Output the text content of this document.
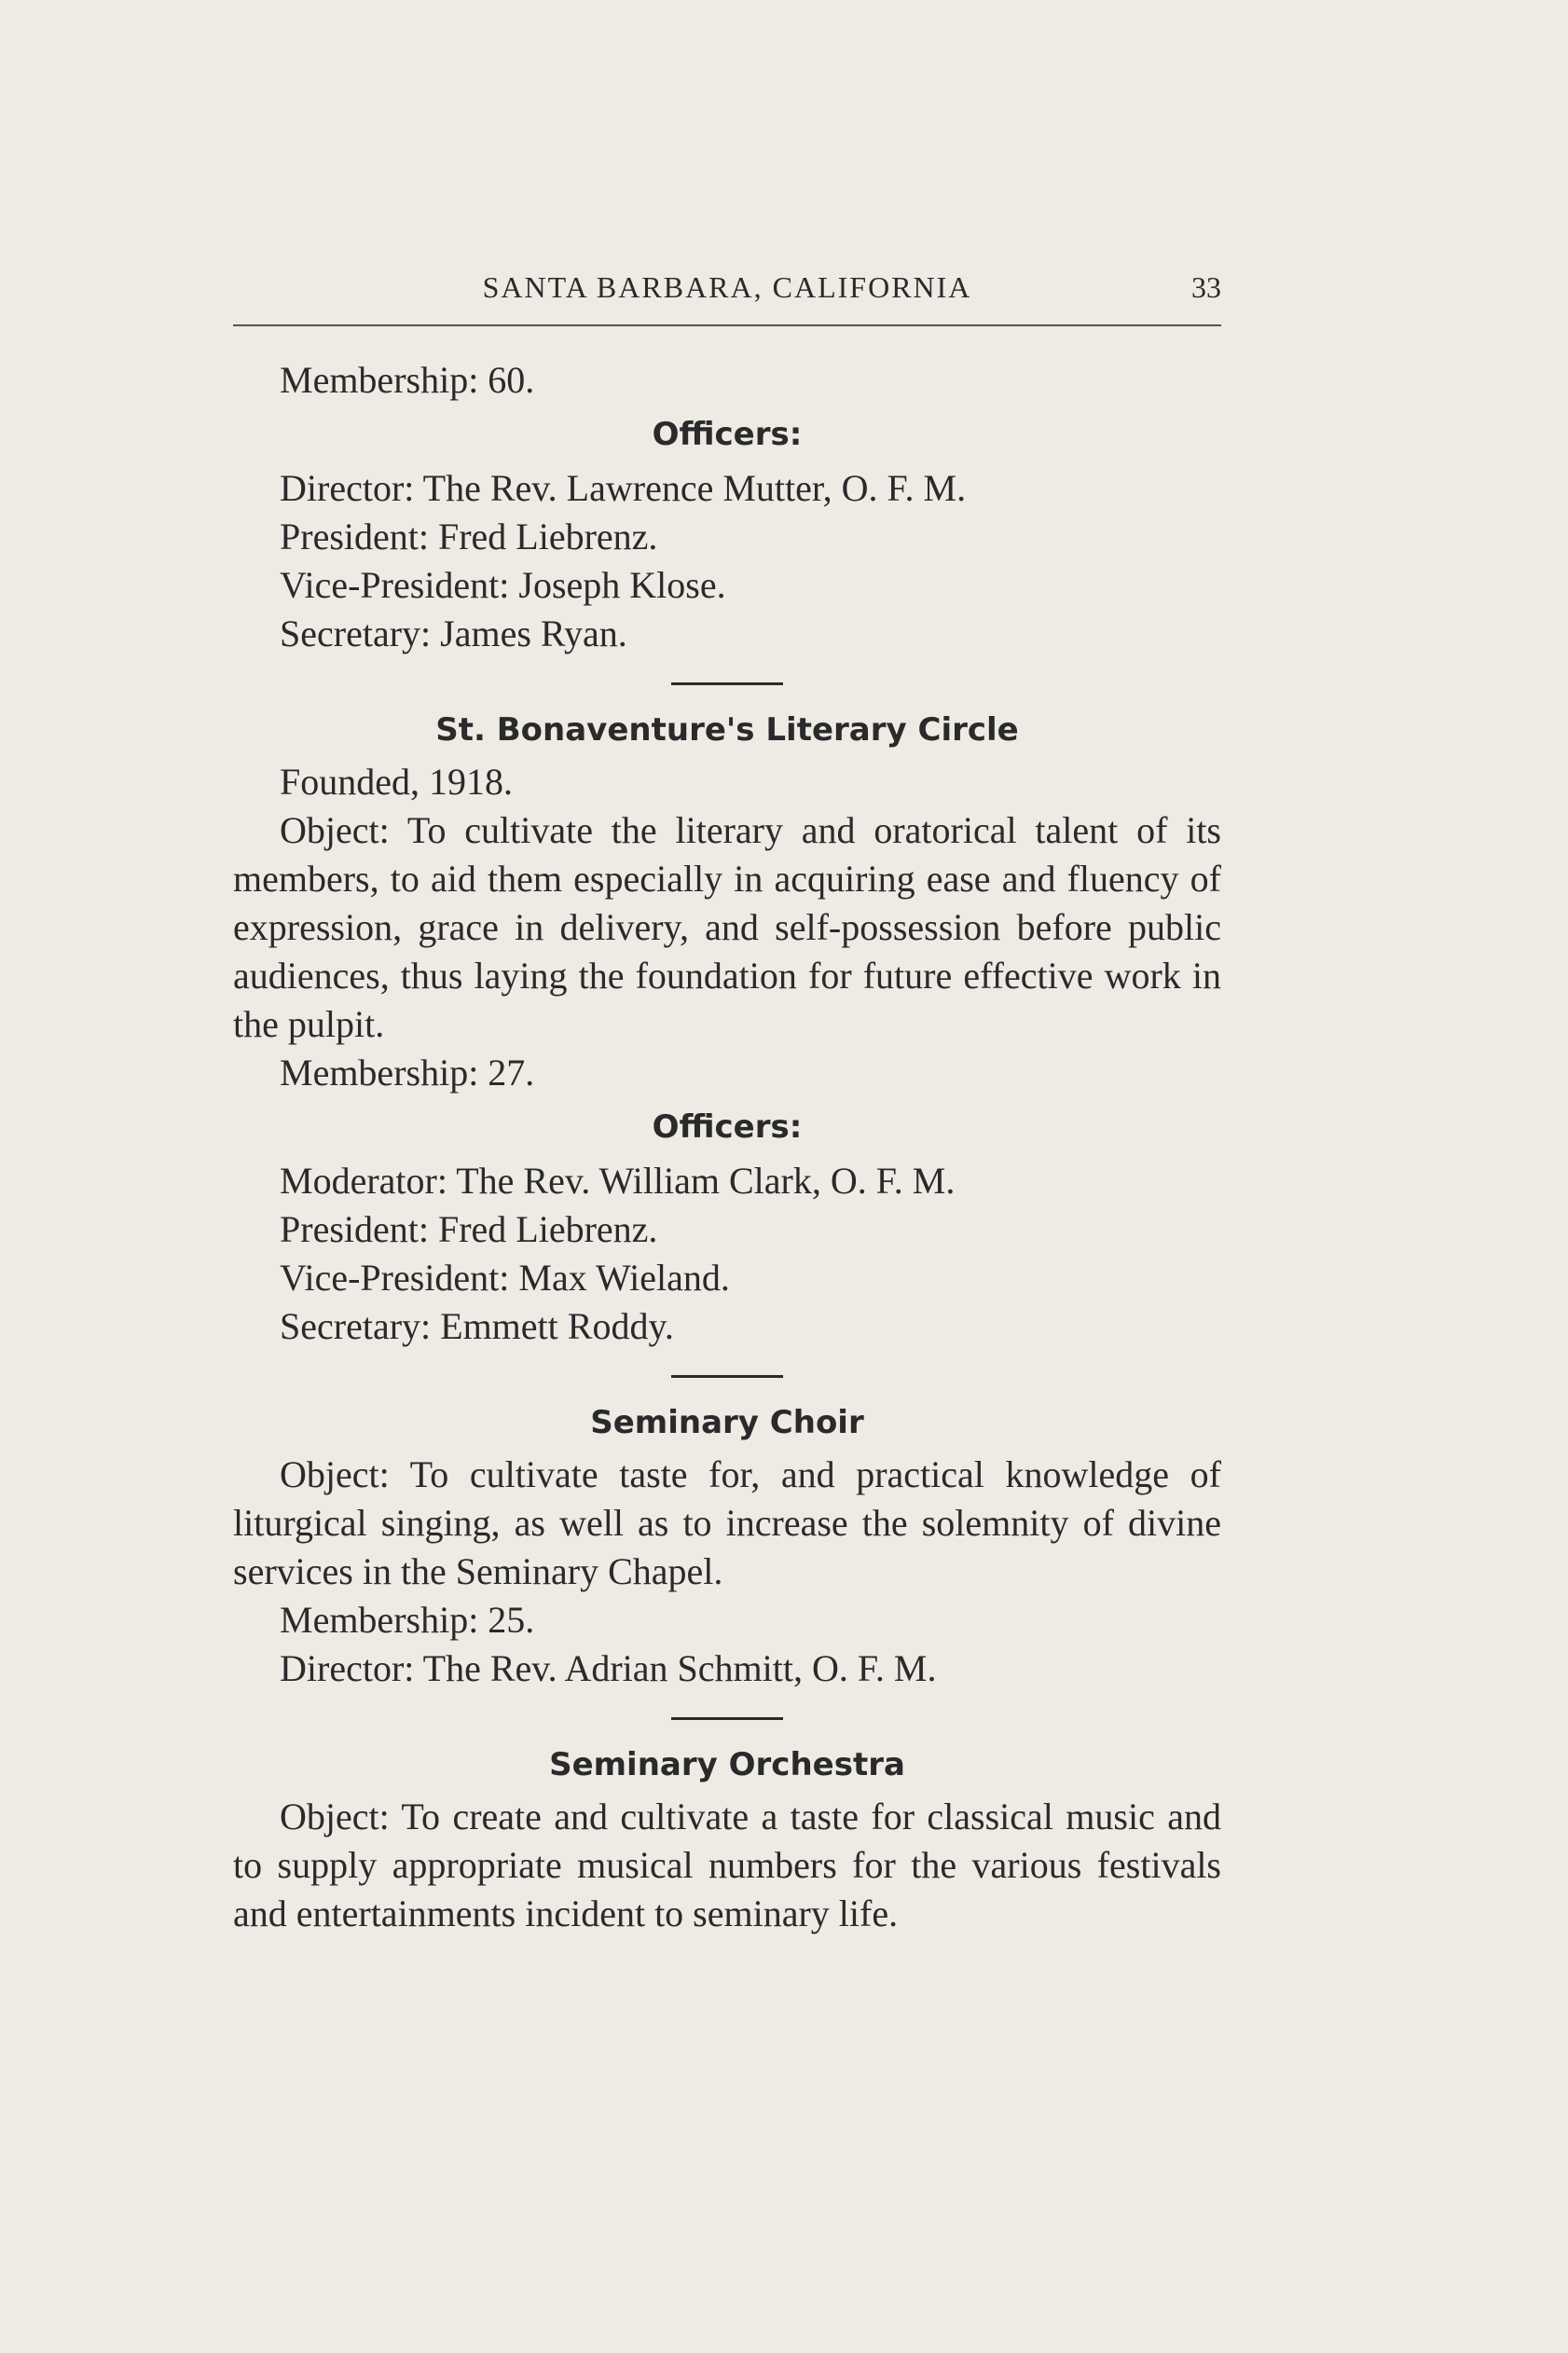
SANTA BARBARA, CALIFORNIA	33
Membership: 60.
Officers:
Director: The Rev. Lawrence Mutter, O. F. M.
President: Fred Liebrenz.
Vice-President: Joseph Klose.
Secretary: James Ryan.
St. Bonaventure's Literary Circle
Founded, 1918.
Object: To cultivate the literary and oratorical talent of its members, to aid them especially in acquiring ease and fluency of expression, grace in delivery, and self-possession before public audiences, thus laying the foundation for future effective work in the pulpit.
Membership: 27.
Officers:
Moderator: The Rev. William Clark, O. F. M.
President: Fred Liebrenz.
Vice-President: Max Wieland.
Secretary: Emmett Roddy.
Seminary Choir
Object: To cultivate taste for, and practical knowledge of liturgical singing, as well as to increase the solemnity of divine services in the Seminary Chapel.
Membership: 25.
Director: The Rev. Adrian Schmitt, O. F. M.
Seminary Orchestra
Object: To create and cultivate a taste for classical music and to supply appropriate musical numbers for the various festivals and entertainments incident to seminary life.
